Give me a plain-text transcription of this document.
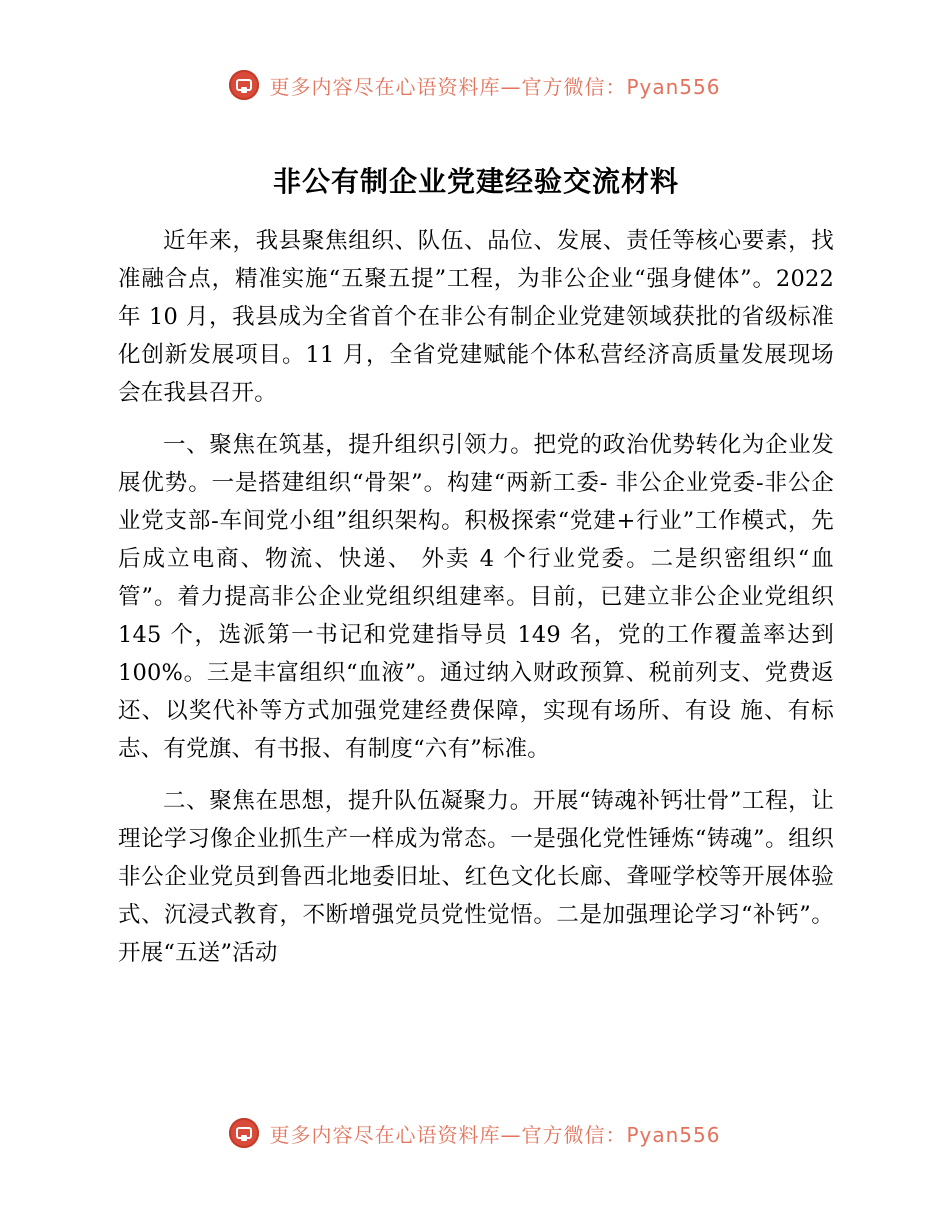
更多内容尽在心语资料库—官方微信：Pyan556
非公有制企业党建经验交流材料

近年来，我县聚焦组织、队伍、品位、发展、责任等核心要素，找准融合点，精准实施“五聚五提”工程，为非公企业“强身健体”。2022 年 10 月，我县成为全省首个在非公有制企业党建领域获批的省级标准化创新发展项目。11 月，全省党建赋能个体私营经济高质量发展现场会在我县召开。

一、聚焦在筑基，提升组织引领力。把党的政治优势转化为企业发展优势。一是搭建组织“骨架”。构建“两新工委- 非公企业党委-非公企业党支部-车间党小组”组织架构。积极探索“党建+行业”工作模式，先后成立电商、物流、快递、 外卖 4 个行业党委。二是织密组织“血管”。着力提高非公企业党组织组建率。目前，已建立非公企业党组织 145 个，选派第一书记和党建指导员 149 名，党的工作覆盖率达到 100%。三是丰富组织“血液”。通过纳入财政预算、税前列支、党费返还、以奖代补等方式加强党建经费保障，实现有场所、有设 施、有标志、有党旗、有书报、有制度“六有”标准。

二、聚焦在思想，提升队伍凝聚力。开展“铸魂补钙壮骨”工程，让理论学习像企业抓生产一样成为常态。一是强化党性锤炼“铸魂”。组织非公企业党员到鲁西北地委旧址、红色文化长廊、聋哑学校等开展体验式、沉浸式教育，不断增强党员党性觉悟。二是加强理论学习“补钙”。开展“五送”活动

更多内容尽在心语资料库—官方微信：Pyan556
